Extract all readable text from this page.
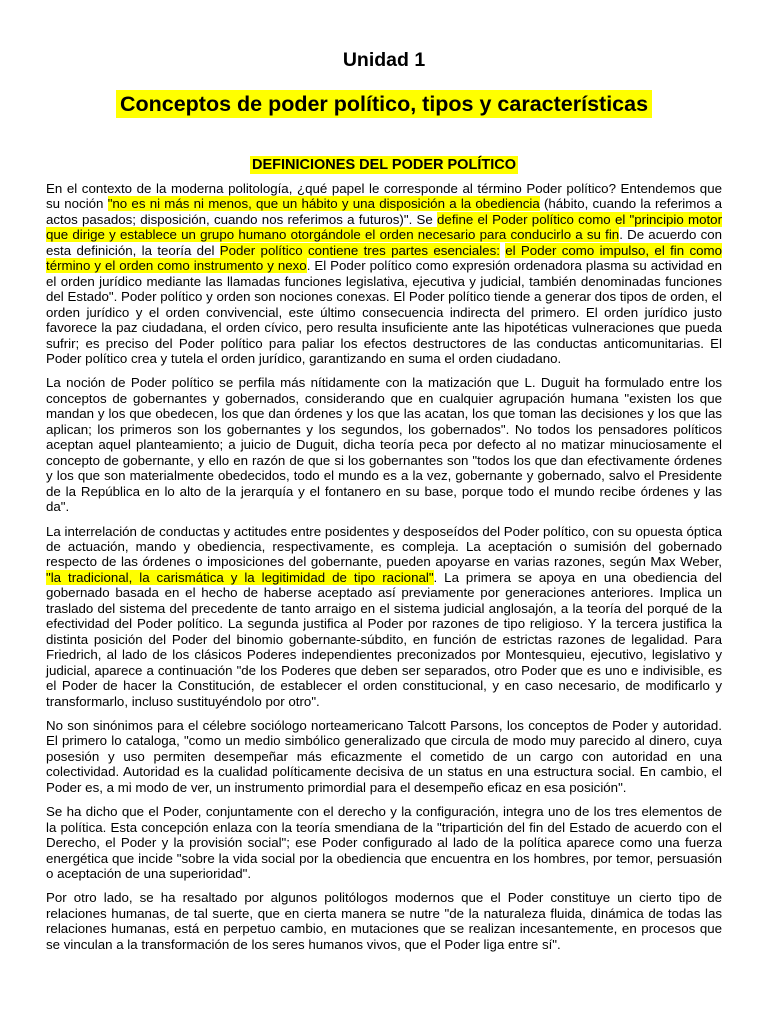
Unidad 1
Conceptos de poder político, tipos y características
DEFINICIONES DEL PODER POLÍTICO

En el contexto de la moderna politología, ¿qué papel le corresponde al término Poder político? Entendemos que su noción "no es ni más ni menos, que un hábito y una disposición a la obediencia (hábito, cuando la referimos a actos pasados; disposición, cuando nos referimos a futuros)". Se define el Poder político como el "principio motor que dirige y establece un grupo humano otorgándole el orden necesario para conducirlo a su fin. De acuerdo con esta definición, la teoría del Poder político contiene tres partes esenciales: el Poder como impulso, el fin como término y el orden como instrumento y nexo. El Poder político como expresión ordenadora plasma su actividad en el orden jurídico mediante las llamadas funciones legislativa, ejecutiva y judicial, también denominadas funciones del Estado". Poder político y orden son nociones conexas. El Poder político tiende a generar dos tipos de orden, el orden jurídico y el orden convivencial, este último consecuencia indirecta del primero. El orden jurídico justo favorece la paz ciudadana, el orden cívico, pero resulta insuficiente ante las hipotéticas vulneraciones que pueda sufrir; es preciso del Poder político para paliar los efectos destructores de las conductas anticomunitarias. El Poder político crea y tutela el orden jurídico, garantizando en suma el orden ciudadano.

La noción de Poder político se perfila más nítidamente con la matización que L. Duguit ha formulado entre los conceptos de gobernantes y gobernados, considerando que en cualquier agrupación humana "existen los que mandan y los que obedecen, los que dan órdenes y los que las acatan, los que toman las decisiones y los que las aplican; los primeros son los gobernantes y los segundos, los gobernados". No todos los pensadores políticos aceptan aquel planteamiento; a juicio de Duguit, dicha teoría peca por defecto al no matizar minuciosamente el concepto de gobernante, y ello en razón de que si los gobernantes son "todos los que dan efectivamente órdenes y los que son materialmente obedecidos, todo el mundo es a la vez, gobernante y gobernado, salvo el Presidente de la República en lo alto de la jerarquía y el fontanero en su base, porque todo el mundo recibe órdenes y las da".

La interrelación de conductas y actitudes entre posidentes y desposeídos del Poder político, con su opuesta óptica de actuación, mando y obediencia, respectivamente, es compleja. La aceptación o sumisión del gobernado respecto de las órdenes o imposiciones del gobernante, pueden apoyarse en varias razones, según Max Weber, "la tradicional, la carismática y la legitimidad de tipo racional". La primera se apoya en una obediencia del gobernado basada en el hecho de haberse aceptado así previamente por generaciones anteriores. Implica un traslado del sistema del precedente de tanto arraigo en el sistema judicial anglosajón, a la teoría del porqué de la efectividad del Poder político. La segunda justifica al Poder por razones de tipo religioso. Y la tercera justifica la distinta posición del Poder del binomio gobernante-súbdito, en función de estrictas razones de legalidad. Para Friedrich, al lado de los clásicos Poderes independientes preconizados por Montesquieu, ejecutivo, legislativo y judicial, aparece a continuación "de los Poderes que deben ser separados, otro Poder que es uno e indivisible, es el Poder de hacer la Constitución, de establecer el orden constitucional, y en caso necesario, de modificarlo y transformarlo, incluso sustituyéndolo por otro".

No son sinónimos para el célebre sociólogo norteamericano Talcott Parsons, los conceptos de Poder y autoridad. El primero lo cataloga, "como un medio simbólico generalizado que circula de modo muy parecido al dinero, cuya posesión y uso permiten desempeñar más eficazmente el cometido de un cargo con autoridad en una colectividad. Autoridad es la cualidad políticamente decisiva de un status en una estructura social. En cambio, el Poder es, a mi modo de ver, un instrumento primordial para el desempeño eficaz en esa posición".

Se ha dicho que el Poder, conjuntamente con el derecho y la configuración, integra uno de los tres elementos de la política. Esta concepción enlaza con la teoría smendiana de la "tripartición del fin del Estado de acuerdo con el Derecho, el Poder y la provisión social"; ese Poder configurado al lado de la política aparece como una fuerza energética que incide "sobre la vida social por la obediencia que encuentra en los hombres, por temor, persuasión o aceptación de una superioridad".

Por otro lado, se ha resaltado por algunos politólogos modernos que el Poder constituye un cierto tipo de relaciones humanas, de tal suerte, que en cierta manera se nutre "de la naturaleza fluida, dinámica de todas las relaciones humanas, está en perpetuo cambio, en mutaciones que se realizan incesantemente, en procesos que se vinculan a la transformación de los seres humanos vivos, que el Poder liga entre sí".
